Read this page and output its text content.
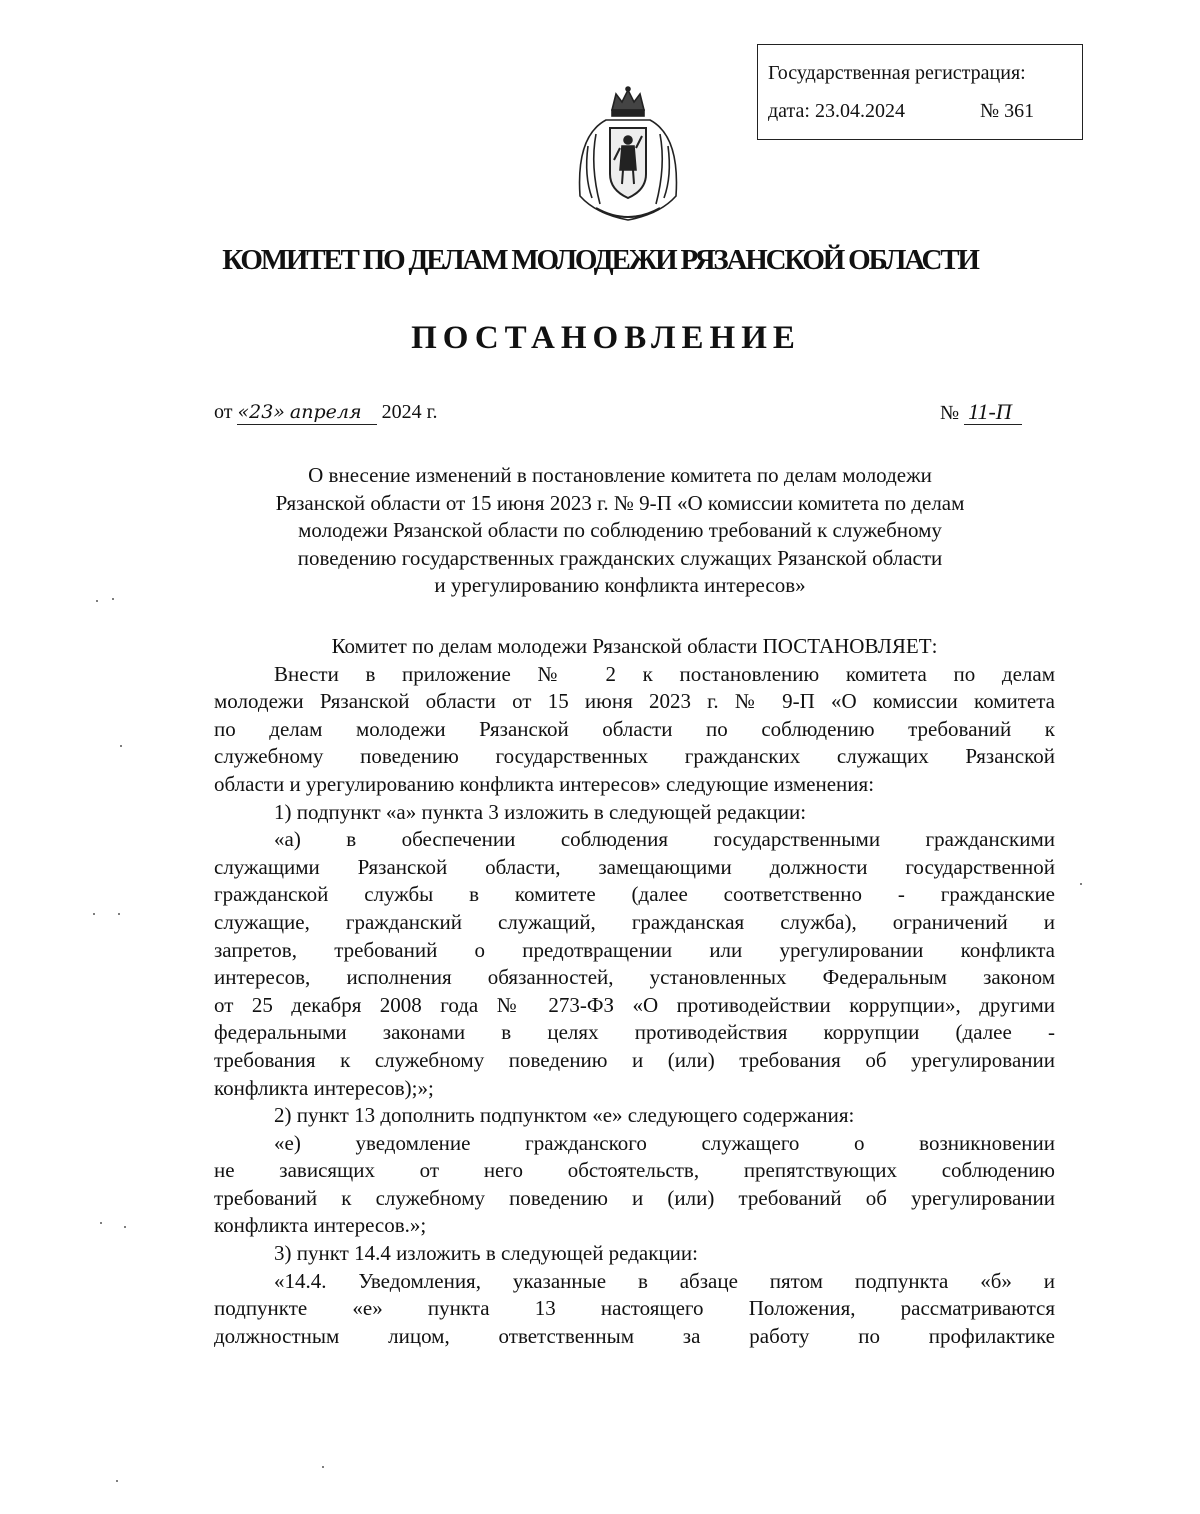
Государственная регистрация:
дата: 23.04.2024	№ 361
КОМИТЕТ ПО ДЕЛАМ МОЛОДЕЖИ РЯЗАНСКОЙ ОБЛАСТИ
ПОСТАНОВЛЕНИЕ
от «23» апреля 2024 г.	№ 11-П
О внесение изменений в постановление комитета по делам молодежи
Рязанской области от 15 июня 2023 г. № 9-П «О комиссии комитета по делам
молодежи Рязанской области по соблюдению требований к служебному
поведению государственных гражданских служащих Рязанской области
и урегулированию конфликта интересов»
Комитет по делам молодежи Рязанской области ПОСТАНОВЛЯЕТ:
Внести в приложение № 2 к постановлению комитета по делам
молодежи Рязанской области от 15 июня 2023 г. № 9-П «О комиссии комитета
по делам молодежи Рязанской области по соблюдению требований к
служебному поведению государственных гражданских служащих Рязанской
области и урегулированию конфликта интересов» следующие изменения:
1) подпункт «а» пункта 3 изложить в следующей редакции:
«а) в обеспечении соблюдения государственными гражданскими
служащими Рязанской области, замещающими должности государственной
гражданской службы в комитете (далее соответственно - гражданские
служащие, гражданский служащий, гражданская служба), ограничений и
запретов, требований о предотвращении или урегулировании конфликта
интересов, исполнения обязанностей, установленных Федеральным законом
от 25 декабря 2008 года № 273-ФЗ «О противодействии коррупции», другими
федеральными законами в целях противодействия коррупции (далее -
требования к служебному поведению и (или) требования об урегулировании
конфликта интересов);»;
2) пункт 13 дополнить подпунктом «е» следующего содержания:
«е) уведомление гражданского служащего о возникновении
не зависящих от него обстоятельств, препятствующих соблюдению
требований к служебному поведению и (или) требований об урегулировании
конфликта интересов.»;
3) пункт 14.4 изложить в следующей редакции:
«14.4. Уведомления, указанные в абзаце пятом подпункта «б» и
подпункте «е» пункта 13 настоящего Положения, рассматриваются
должностным лицом, ответственным за работу по профилактике
